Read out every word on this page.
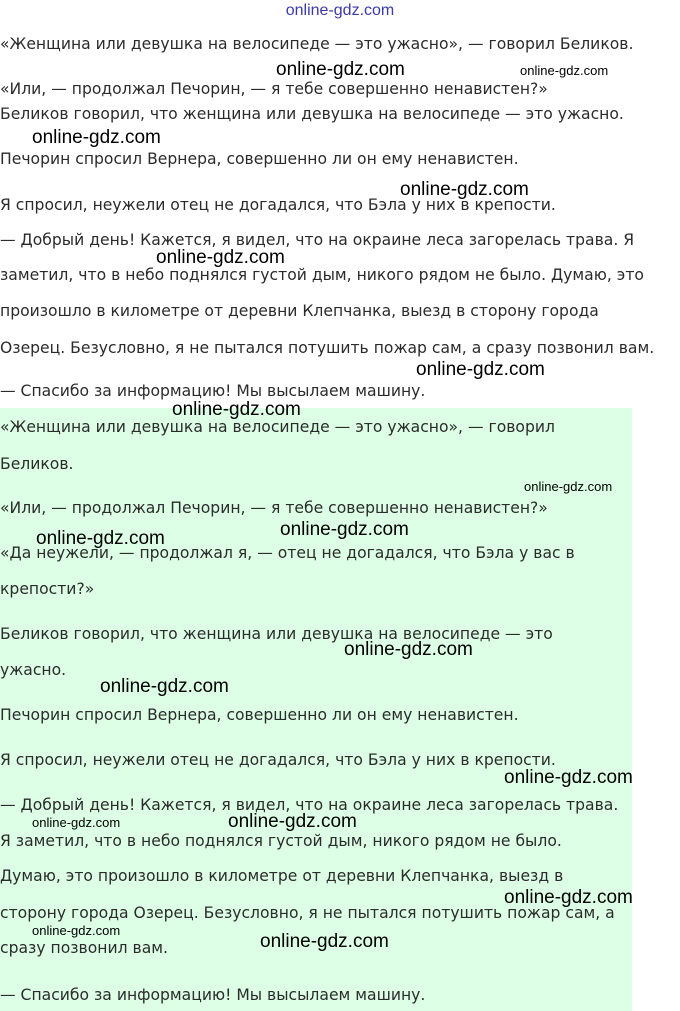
online-gdz.com

«Женщина или девушка на велосипеде — это ужасно», — говорил Беликов.

«Или, — продолжал Печорин, — я тебе совершенно ненавистен?»

Беликов говорил, что женщина или девушка на велосипеде — это ужасно.

Печорин спросил Вернера, совершенно ли он ему ненавистен.

Я спросил, неужели отец не догадался, что Бэла у них в крепости.

— Добрый день! Кажется, я видел, что на окраине леса загорелась трава. Я

заметил, что в небо поднялся густой дым, никого рядом не было. Думаю, это

произошло в километре от деревни Клепчанка, выезд в сторону города

Озерец. Безусловно, я не пытался потушить пожар сам, а сразу позвонил вам.

— Спасибо за информацию! Мы высылаем машину.

«Женщина или девушка на велосипеде — это ужасно», — говорил

Беликов.

«Или, — продолжал Печорин, — я тебе совершенно ненавистен?»

«Да неужели, — продолжал я, — отец не догадался, что Бэла у вас в

крепости?»

Беликов говорил, что женщина или девушка на велосипеде — это

ужасно.

Печорин спросил Вернера, совершенно ли он ему ненавистен.

Я спросил, неужели отец не догадался, что Бэла у них в крепости.

— Добрый день! Кажется, я видел, что на окраине леса загорелась трава.

Я заметил, что в небо поднялся густой дым, никого рядом не было.

Думаю, это произошло в километре от деревни Клепчанка, выезд в

сторону города Озерец. Безусловно, я не пытался потушить пожар сам, а

сразу позвонил вам.

— Спасибо за информацию! Мы высылаем машину.

online-gdz.com	online-gdz.com
online-gdz.com
online-gdz.com
online-gdz.com
online-gdz.com
online-gdz.com
online-gdz.com
online-gdz.com
online-gdz.com
online-gdz.com
online-gdz.com
online-gdz.com
online-gdz.com	online-gdz.com
online-gdz.com
online-gdz.com
online-gdz.com
